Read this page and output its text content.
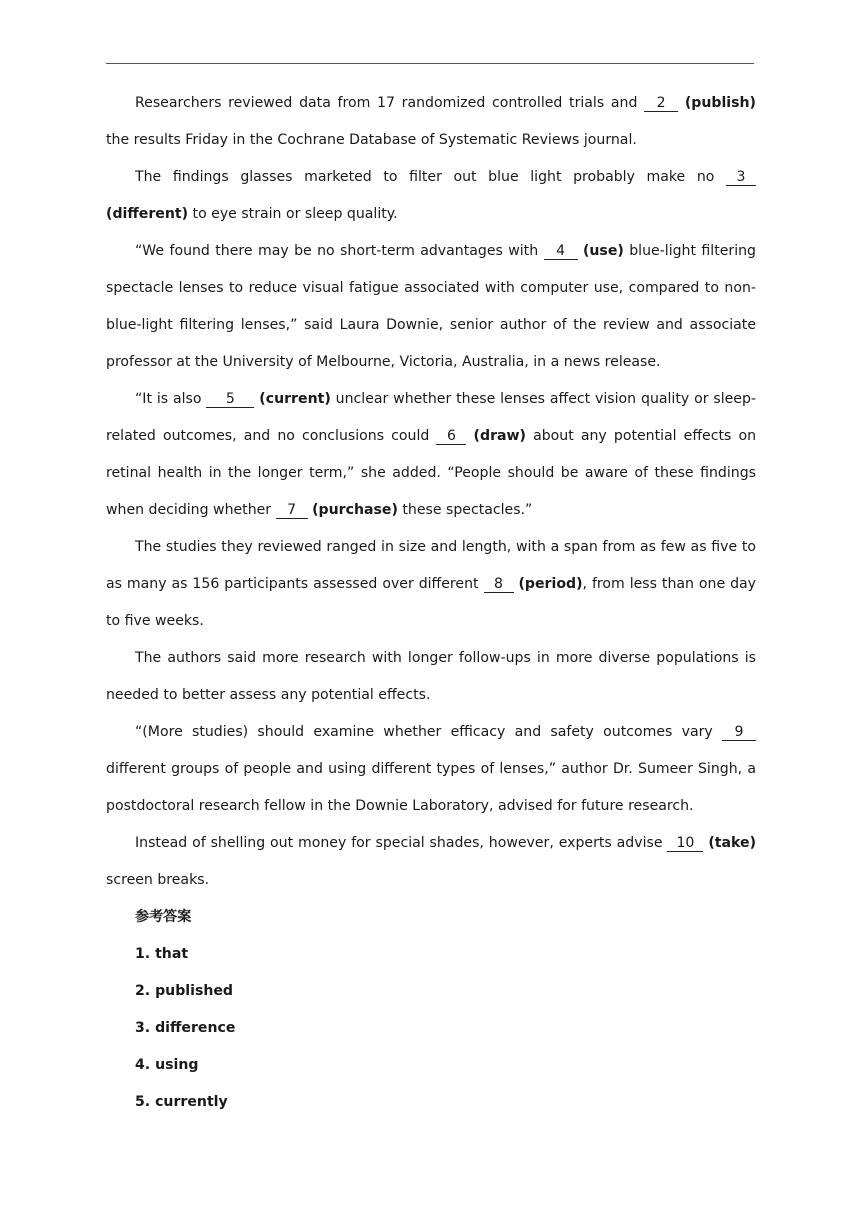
Researchers reviewed data from 17 randomized controlled trials and 2 (publish) the results Friday in the Cochrane Database of Systematic Reviews journal.

The findings glasses marketed to filter out blue light probably make no 3 (different) to eye strain or sleep quality.

“We found there may be no short-term advantages with 4 (use) blue-light filtering spectacle lenses to reduce visual fatigue associated with computer use, compared to non-blue-light filtering lenses,” said Laura Downie, senior author of the review and associate professor at the University of Melbourne, Victoria, Australia, in a news release.

“It is also 5 (current) unclear whether these lenses affect vision quality or sleep-related outcomes, and no conclusions could 6 (draw) about any potential effects on retinal health in the longer term,” she added. “People should be aware of these findings when deciding whether 7 (purchase) these spectacles.”

The studies they reviewed ranged in size and length, with a span from as few as five to as many as 156 participants assessed over different 8 (period), from less than one day to five weeks.

The authors said more research with longer follow-ups in more diverse populations is needed to better assess any potential effects.

“(More studies) should examine whether efficacy and safety outcomes vary 9 different groups of people and using different types of lenses,” author Dr. Sumeer Singh, a postdoctoral research fellow in the Downie Laboratory, advised for future research.

Instead of shelling out money for special shades, however, experts advise 10 (take) screen breaks.

参考答案

1. that

2. published

3. difference

4. using

5. currently
